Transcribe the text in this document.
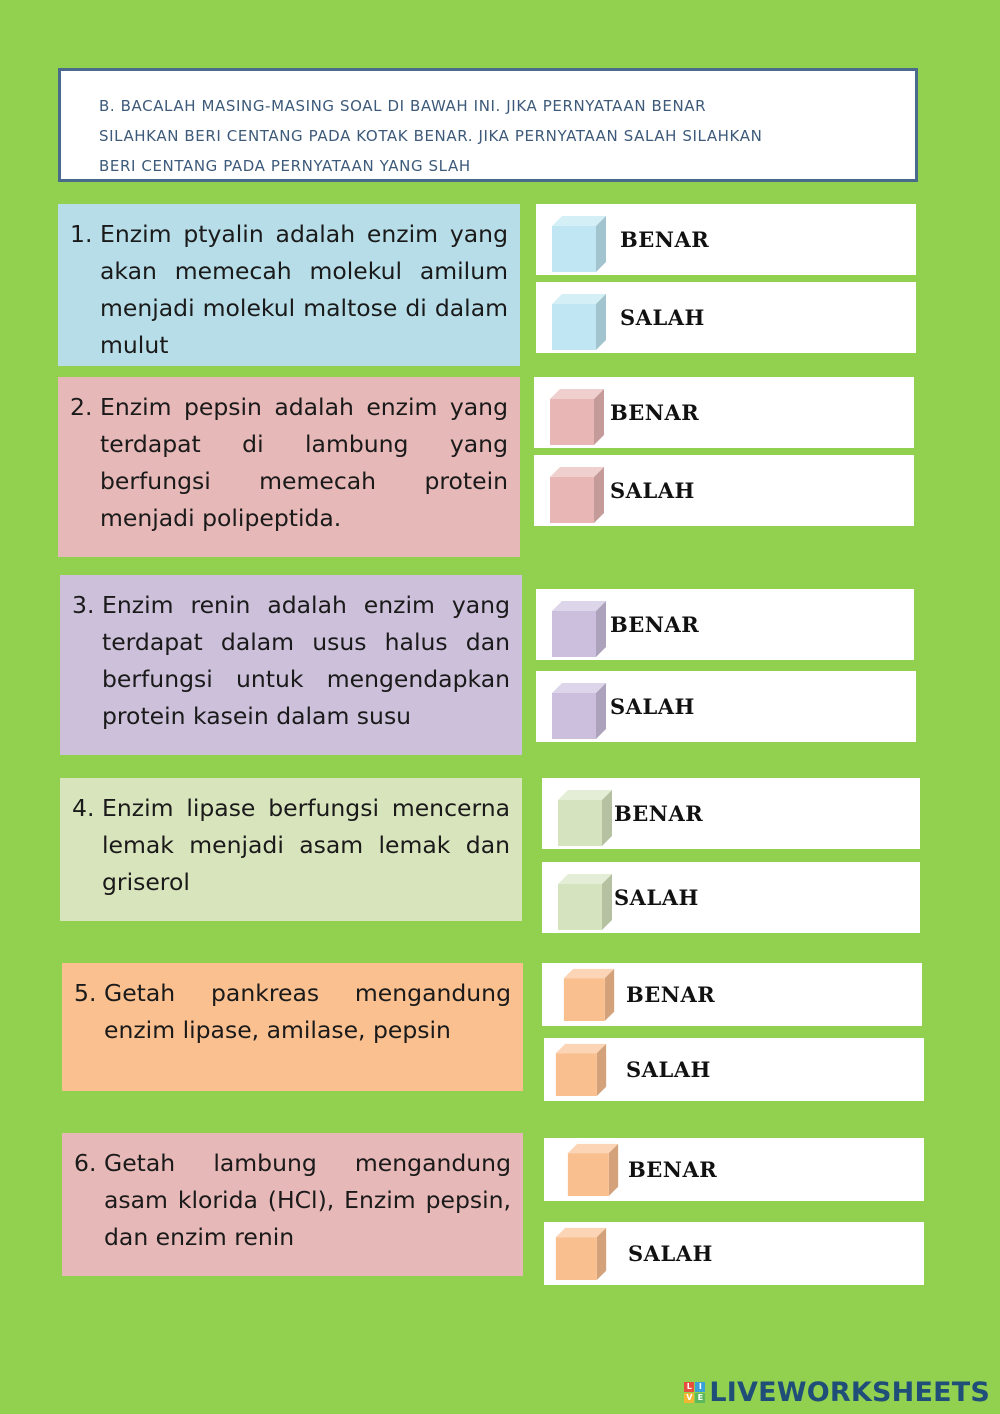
B. BACALAH MASING-MASING SOAL DI BAWAH INI. JIKA PERNYATAAN BENAR
SILAHKAN BERI CENTANG PADA KOTAK BENAR. JIKA PERNYATAAN SALAH SILAHKAN
BERI CENTANG PADA PERNYATAAN YANG SLAH
1. Enzim ptyalin adalah enzim yang akan memecah molekul amilum menjadi molekul maltose di dalam mulut
BENAR
SALAH
2. Enzim pepsin adalah enzim yang terdapat di lambung yang berfungsi memecah protein menjadi polipeptida.
BENAR
SALAH
3. Enzim renin adalah enzim yang terdapat dalam usus halus dan berfungsi untuk mengendapkan protein kasein dalam susu
BENAR
SALAH
4. Enzim lipase berfungsi mencerna lemak menjadi asam lemak dan griserol
BENAR
SALAH
5. Getah pankreas mengandung enzim lipase, amilase, pepsin
BENAR
SALAH
6. Getah lambung mengandung asam klorida (HCl), Enzim pepsin, dan enzim renin
BENAR
SALAH
L I
V E LIVEWORKSHEETS
